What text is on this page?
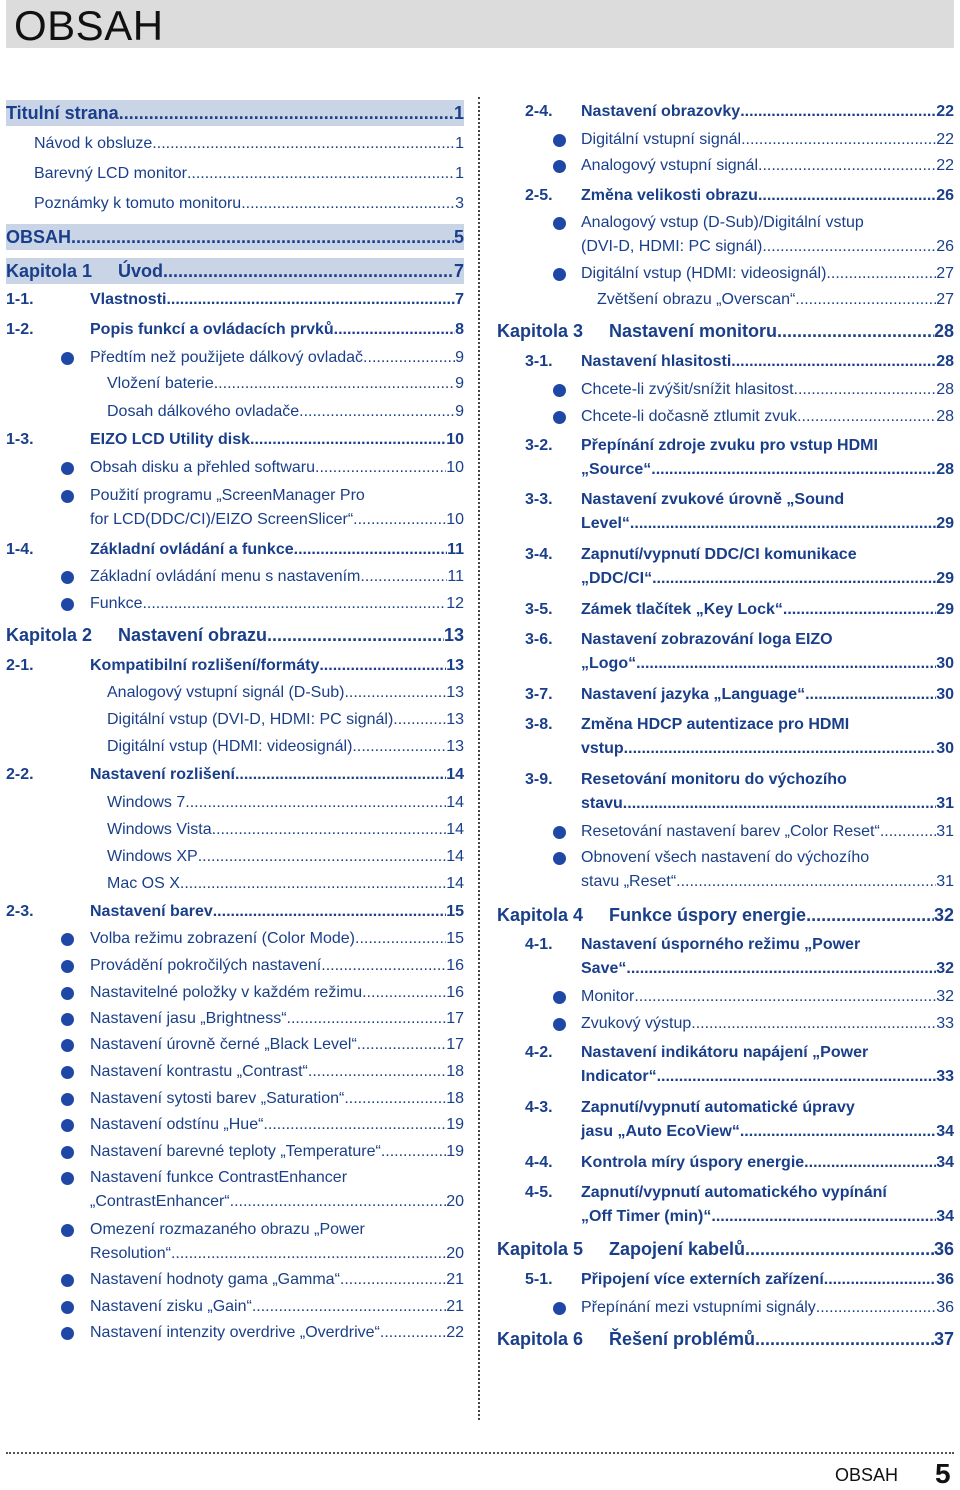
OBSAH
Titulní strana .....	1
Návod k obsluze .....	1
Barevný LCD monitor .....	1
Poznámky k tomuto monitoru .....	3
OBSAH .....	5
Kapitola 1 Úvod .....	7
1-1.	Vlastnosti .....	7
1-2.	Popis funkcí a ovládacích prvků .....	8
Předtím než použijete dálkový ovladač .....	9
Vložení baterie .....	9
Dosah dálkového ovladače .....	9
1-3.	EIZO LCD Utility disk .....	10
Obsah disku a přehled softwaru .....	10
Použití programu „ScreenManager Pro
for LCD(DDC/CI)/EIZO ScreenSlicer“ .....	10
1-4.	Základní ovládání a funkce .....	11
Základní ovládání menu s nastavením .....	11
Funkce .....	12
Kapitola 2 Nastavení obrazu .....	13
2-1.	Kompatibilní rozlišení/formáty .....	13
Analogový vstupní signál (D-Sub) .....	13
Digitální vstup (DVI-D, HDMI: PC signál) .....	13
Digitální vstup (HDMI: videosignál) .....	13
2-2.	Nastavení rozlišení .....	14
Windows 7 .....	14
Windows Vista .....	14
Windows XP .....	14
Mac OS X .....	14
2-3.	Nastavení barev .....	15
Volba režimu zobrazení (Color Mode) .....	15
Provádění pokročilých nastavení .....	16
Nastavitelné položky v každém režimu .....	16
Nastavení jasu „Brightness“ .....	17
Nastavení úrovně černé „Black Level“ .....	17
Nastavení kontrastu „Contrast“ .....	18
Nastavení sytosti barev „Saturation“ .....	18
Nastavení odstínu „Hue“ .....	19
Nastavení barevné teploty „Temperature“ .....	19
Nastavení funkce ContrastEnhancer
„ContrastEnhancer“ .....	20
Omezení rozmazaného obrazu „Power
Resolution“ .....	20
Nastavení hodnoty gama „Gamma“ .....	21
Nastavení zisku „Gain“ .....	21
Nastavení intenzity overdrive „Overdrive“ .....	22
2-4. Nastavení obrazovky .....	22
Digitální vstupní signál .....	22
Analogový vstupní signál .....	22
2-5. Změna velikosti obrazu .....	26
Analogový vstup (D-Sub)/Digitální vstup
(DVI-D, HDMI: PC signál) .....	26
Digitální vstup (HDMI: videosignál) .....	27
Zvětšení obrazu „Overscan“ .....	27
Kapitola 3 Nastavení monitoru .....	28
3-1. Nastavení hlasitosti .....	28
Chcete-li zvýšit/snížit hlasitost .....	28
Chcete-li dočasně ztlumit zvuk .....	28
3-2. Přepínání zdroje zvuku pro vstup HDMI
„Source“ .....	28
3-3. Nastavení zvukové úrovně „Sound
Level“ .....	29
3-4. Zapnutí/vypnutí DDC/CI komunikace
„DDC/CI“ .....	29
3-5. Zámek tlačítek „Key Lock“ .....	29
3-6. Nastavení zobrazování loga EIZO
„Logo“ .....	30
3-7. Nastavení jazyka „Language“ .....	30
3-8. Změna HDCP autentizace pro HDMI
vstup .....	30
3-9. Resetování monitoru do výchozího
stavu .....	31
Resetování nastavení barev „Color Reset“ .....	31
Obnovení všech nastavení do výchozího
stavu „Reset“ .....	31
Kapitola 4 Funkce úspory energie .....	32
4-1. Nastavení úsporného režimu „Power
Save“ .....	32
Monitor .....	32
Zvukový výstup .....	33
4-2. Nastavení indikátoru napájení „Power
Indicator“ .....	33
4-3. Zapnutí/vypnutí automatické úpravy
jasu „Auto EcoView“ .....	34
4-4. Kontrola míry úspory energie .....	34
4-5. Zapnutí/vypnutí automatického vypínání
„Off Timer (min)“ .....	34
Kapitola 5 Zapojení kabelů .....	36
5-1. Připojení více externích zařízení .....	36
Přepínání mezi vstupními signály .....	36
Kapitola 6 Řešení problémů .....	37
OBSAH 5
